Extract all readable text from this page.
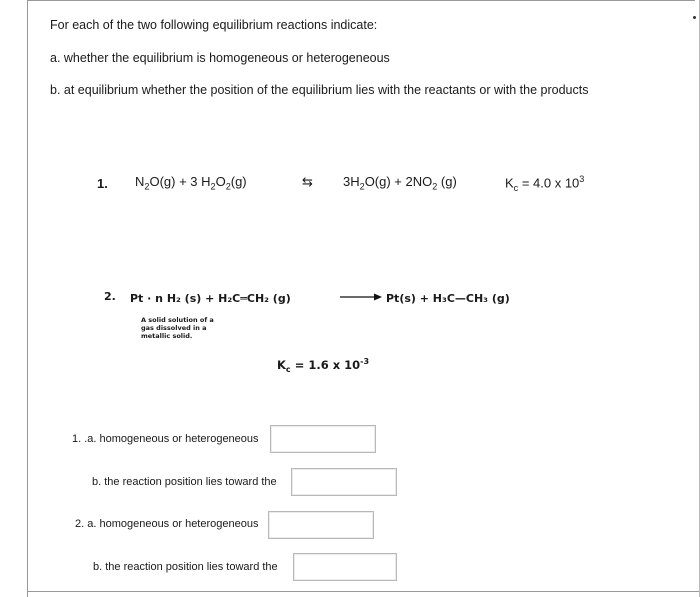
For each of the two following equilibrium reactions indicate:
a. whether the equilibrium is homogeneous or heterogeneous
b. at equilibrium whether the position of the equilibrium lies with the reactants or with the products
1. $N_2O(g) + 3$ $H_2O_2(g)$	⇆ $3H_2O(g) + 2NO_2$ (g)	$K_c = 4.0$ x $10^3$
2. Pt · n H₂ (s) + H₂C═CH₂ (g)	→ Pt(s) + H₃C—CH₃ (g)
A solid solution of a
gas dissolved in a
metallic solid.
$K_c = 1.6$ x $10^{-3}$
1. .a. homogeneous or heterogeneous
b. the reaction position lies toward the
2. a. homogeneous or heterogeneous
b. the reaction position lies toward the
